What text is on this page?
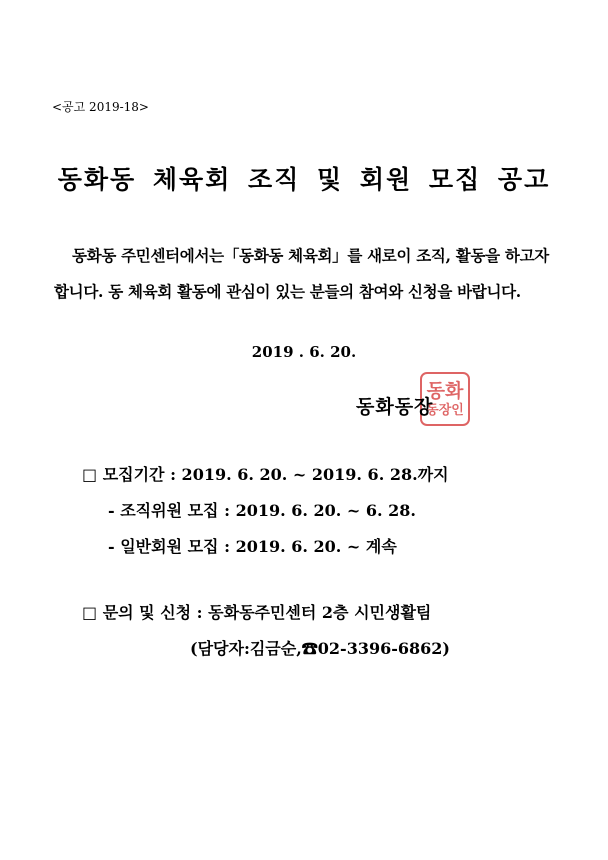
<공고 2019-18>
동화동 체육회 조직 및 회원 모집 공고
동화동 주민센터에서는「동화동 체육회」를 새로이 조직, 활동을 하고자
합니다. 동 체육회 활동에 관심이 있는 분들의 참여와 신청을 바랍니다.
2019 . 6. 20.
동화
동장인
동화동장
□ 모집기간 : 2019. 6. 20. ~ 2019. 6. 28.까지
- 조직위원 모집 : 2019. 6. 20. ~ 6. 28.
- 일반회원 모집 : 2019. 6. 20. ~ 계속
□ 문의 및 신청 : 동화동주민센터 2층 시민생활팀
(담당자:김금순,☎02-3396-6862)
